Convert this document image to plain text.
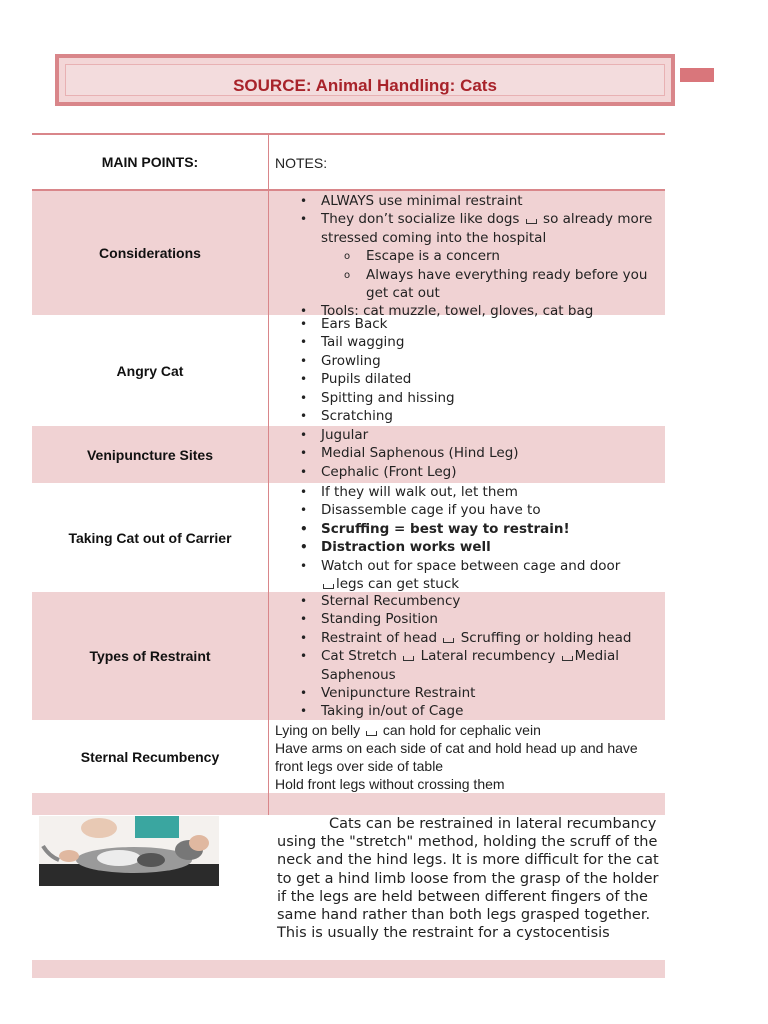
SOURCE: Animal Handling: Cats
MAIN POINTS:	NOTES:
Considerations
• ALWAYS use minimal restraint
• They don’t socialize like dogs so already more stressed coming into the hospital
o Escape is a concern
o Always have everything ready before you get cat out
• Tools: cat muzzle, towel, gloves, cat bag
Angry Cat
• Ears Back
• Tail wagging
• Growling
• Pupils dilated
• Spitting and hissing
• Scratching
Venipuncture Sites
• Jugular
• Medial Saphenous (Hind Leg)
• Cephalic (Front Leg)
Taking Cat out of Carrier
• If they will walk out, let them
• Disassemble cage if you have to
• Scruffing = best way to restrain!
• Distraction works well
• Watch out for space between cage and door
legs can get stuck
Types of Restraint
• Sternal Recumbency
• Standing Position
• Restraint of head Scruffing or holding head
• Cat Stretch Lateral recumbency Medial Saphenous
• Venipuncture Restraint
• Taking in/out of Cage
Sternal Recumbency
Lying on belly can hold for cephalic vein
Have arms on each side of cat and hold head up and have front legs over side of table
Hold front legs without crossing them
Cats can be restrained in lateral recumbancy using the "stretch" method, holding the scruff of the neck and the hind legs. It is more difficult for the cat to get a hind limb loose from the grasp of the holder if the legs are held between different fingers of the same hand rather than both legs grasped together. This is usually the restraint for a cystocentisis
